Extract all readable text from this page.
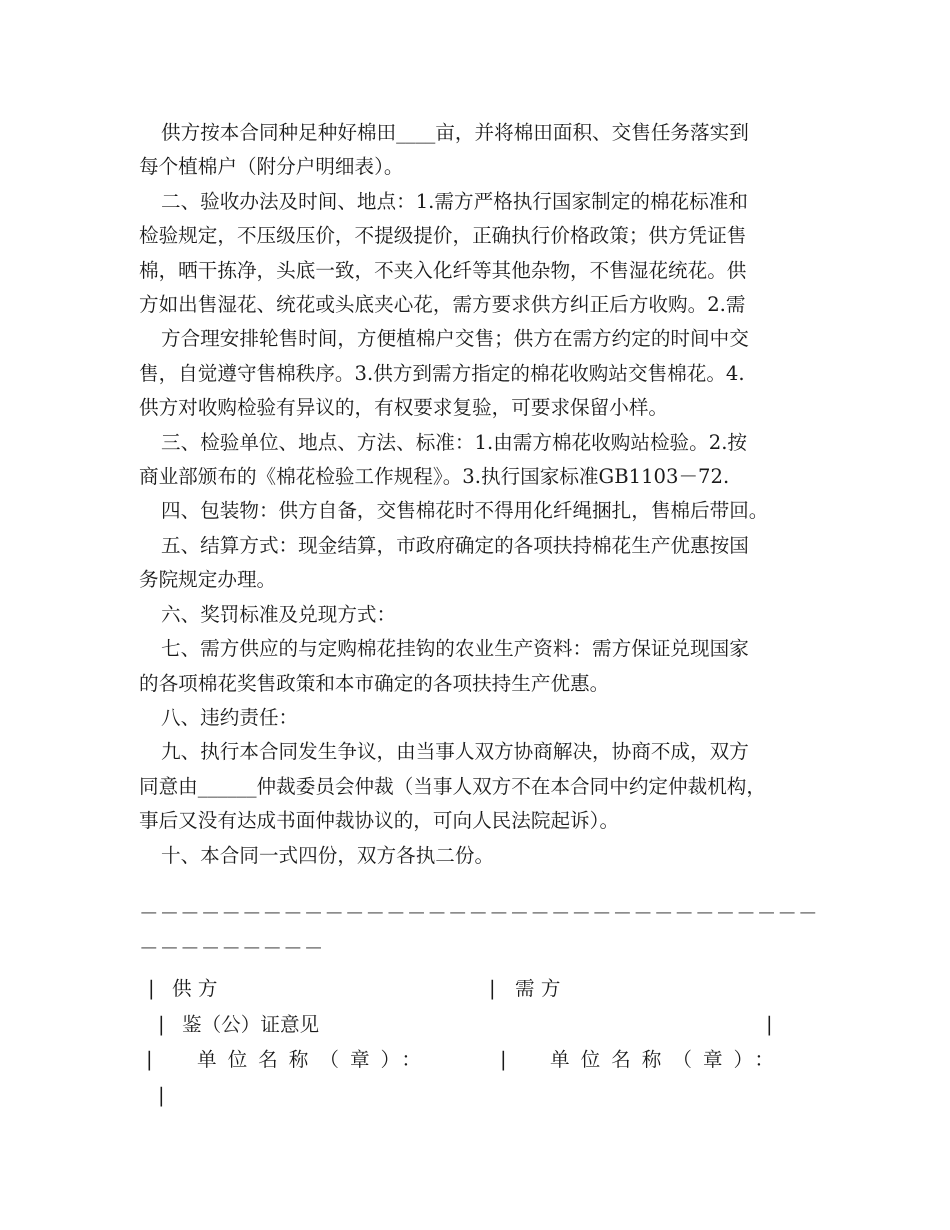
供方按本合同种足种好棉田____亩，并将棉田面积、交售任务落实到

每个植棉户（附分户明细表）。

二、验收办法及时间、地点：1.需方严格执行国家制定的棉花标准和

检验规定，不压级压价，不提级提价，正确执行价格政策；供方凭证售

棉，晒干拣净，头底一致，不夹入化纤等其他杂物，不售湿花统花。供

方如出售湿花、统花或头底夹心花，需方要求供方纠正后方收购。2.需

方合理安排轮售时间，方便植棉户交售；供方在需方约定的时间中交

售，自觉遵守售棉秩序。3.供方到需方指定的棉花收购站交售棉花。4.

供方对收购检验有异议的，有权要求复验，可要求保留小样。

三、检验单位、地点、方法、标准：1.由需方棉花收购站检验。2.按

商业部颁布的《棉花检验工作规程》。3.执行国家标准GB1103－72.

四、包装物：供方自备，交售棉花时不得用化纤绳捆扎，售棉后带回。

五、结算方式：现金结算，市政府确定的各项扶持棉花生产优惠按国

务院规定办理。

六、奖罚标准及兑现方式：

七、需方供应的与定购棉花挂钩的农业生产资料：需方保证兑现国家

的各项棉花奖售政策和本市确定的各项扶持生产优惠。

八、违约责任：

九、执行本合同发生争议，由当事人双方协商解决，协商不成，双方

同意由______仲裁委员会仲裁（当事人双方不在本合同中约定仲裁机构，

事后又没有达成书面仲裁协议的，可向人民法院起诉）。

十、本合同一式四份，双方各执二份。

－－－－－－－－－－－－－－－－－－－－－－－－－－－－－－－－－
－－－－－－－－－
| 供 方	| 需 方
| 鉴（公）证意见	|
| 单位名称（章）：	| 单位名称（章）：
|
